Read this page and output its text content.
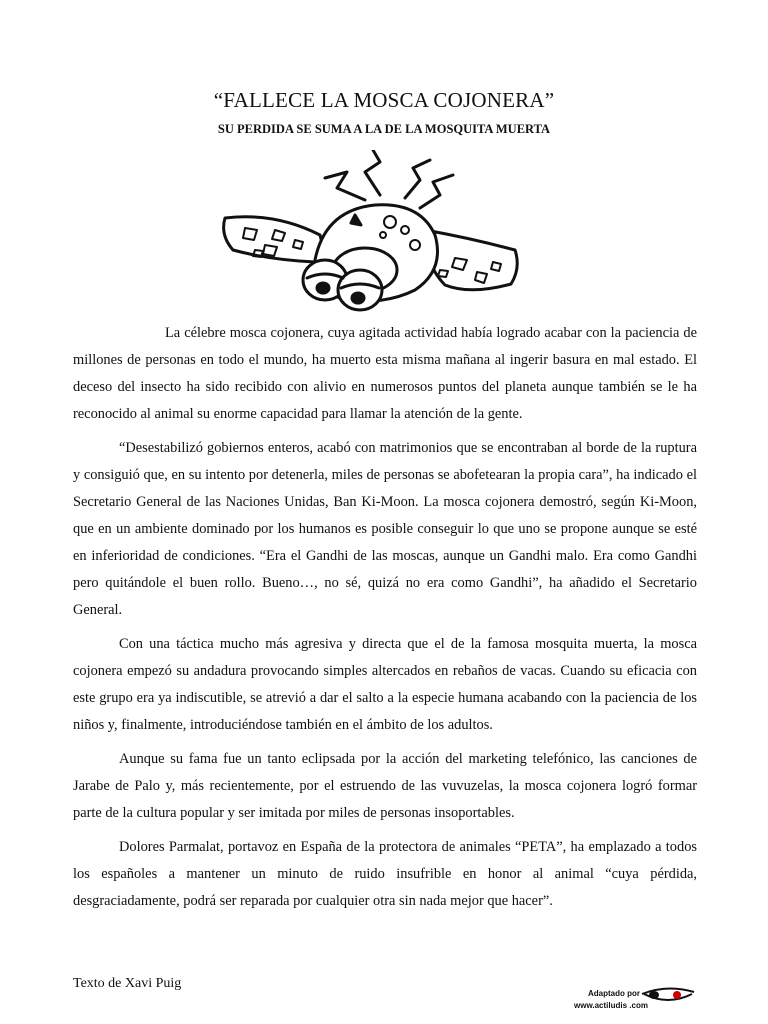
“FALLECE LA MOSCA COJONERA”
SU PERDIDA SE SUMA A LA DE LA MOSQUITA MUERTA

La célebre mosca cojonera, cuya agitada actividad había logrado acabar con la paciencia de millones de personas en todo el mundo, ha muerto esta misma mañana al ingerir basura en mal estado. El deceso del insecto ha sido recibido con alivio en numerosos puntos del planeta aunque también se le ha reconocido al animal su enorme capacidad para llamar la atención de la gente.

“Desestabilizó gobiernos enteros, acabó con matrimonios que se encontraban al borde de la ruptura y consiguió que, en su intento por detenerla, miles de personas se abofetearan la propia cara”, ha indicado el Secretario General de las Naciones Unidas, Ban Ki-Moon. La mosca cojonera demostró, según Ki-Moon, que en un ambiente dominado por los humanos es posible conseguir lo que uno se propone aunque se esté en inferioridad de condiciones. “Era el Gandhi de las moscas, aunque un Gandhi malo. Era como Gandhi pero quitándole el buen rollo. Bueno…, no sé, quizá no era como Gandhi”, ha añadido el Secretario General.

Con una táctica mucho más agresiva y directa que el de la famosa mosquita muerta, la mosca cojonera empezó su andadura provocando simples altercados en rebaños de vacas. Cuando su eficacia con este grupo era ya indiscutible, se atrevió a dar el salto a la especie humana acabando con la paciencia de los niños y, finalmente, introduciéndose también en el ámbito de los adultos.

Aunque su fama fue un tanto eclipsada por la acción del marketing telefónico, las canciones de Jarabe de Palo y, más recientemente, por el estruendo de las vuvuzelas, la mosca cojonera logró formar parte de la cultura popular y ser imitada por miles de personas insoportables.

Dolores Parmalat, portavoz en España de la protectora de animales “PETA”, ha emplazado a todos los españoles a mantener un minuto de ruido insufrible en honor al animal “cuya pérdida, desgraciadamente, podrá ser reparada por cualquier otra sin nada mejor que hacer”.

Texto de Xavi Puig
Adaptado por
www.actiludis .com
